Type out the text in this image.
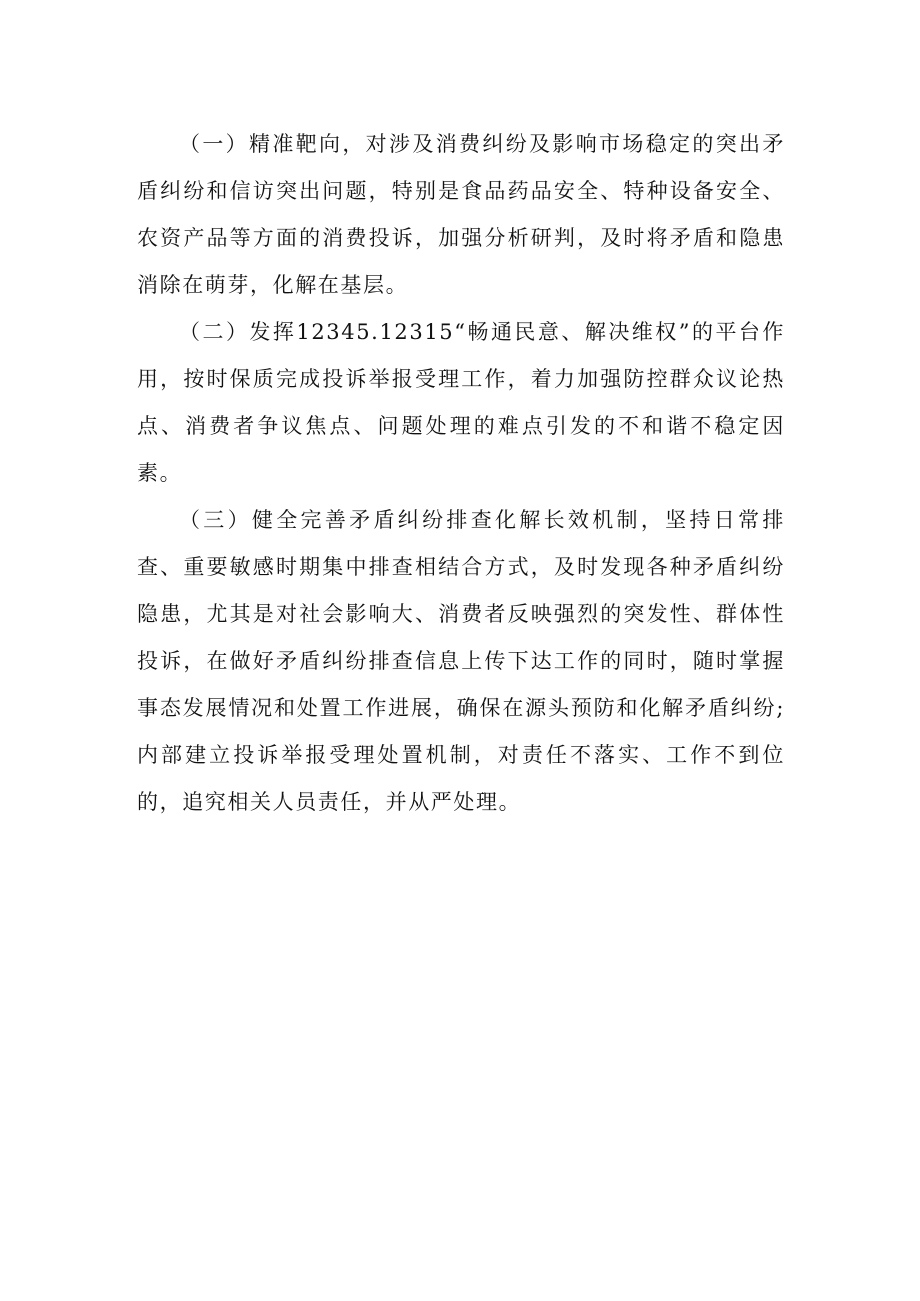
（一）精准靶向，对涉及消费纠纷及影响市场稳定的突出矛盾纠纷和信访突出问题，特别是食品药品安全、特种设备安全、农资产品等方面的消费投诉，加强分析研判，及时将矛盾和隐患消除在萌芽，化解在基层。

（二）发挥12345.12315“畅通民意、解决维权”的平台作用，按时保质完成投诉举报受理工作，着力加强防控群众议论热点、消费者争议焦点、问题处理的难点引发的不和谐不稳定因素。

（三）健全完善矛盾纠纷排查化解长效机制，坚持日常排查、重要敏感时期集中排查相结合方式，及时发现各种矛盾纠纷隐患，尤其是对社会影响大、消费者反映强烈的突发性、群体性投诉，在做好矛盾纠纷排查信息上传下达工作的同时，随时掌握事态发展情况和处置工作进展，确保在源头预防和化解矛盾纠纷;内部建立投诉举报受理处置机制，对责任不落实、工作不到位的，追究相关人员责任，并从严处理。
